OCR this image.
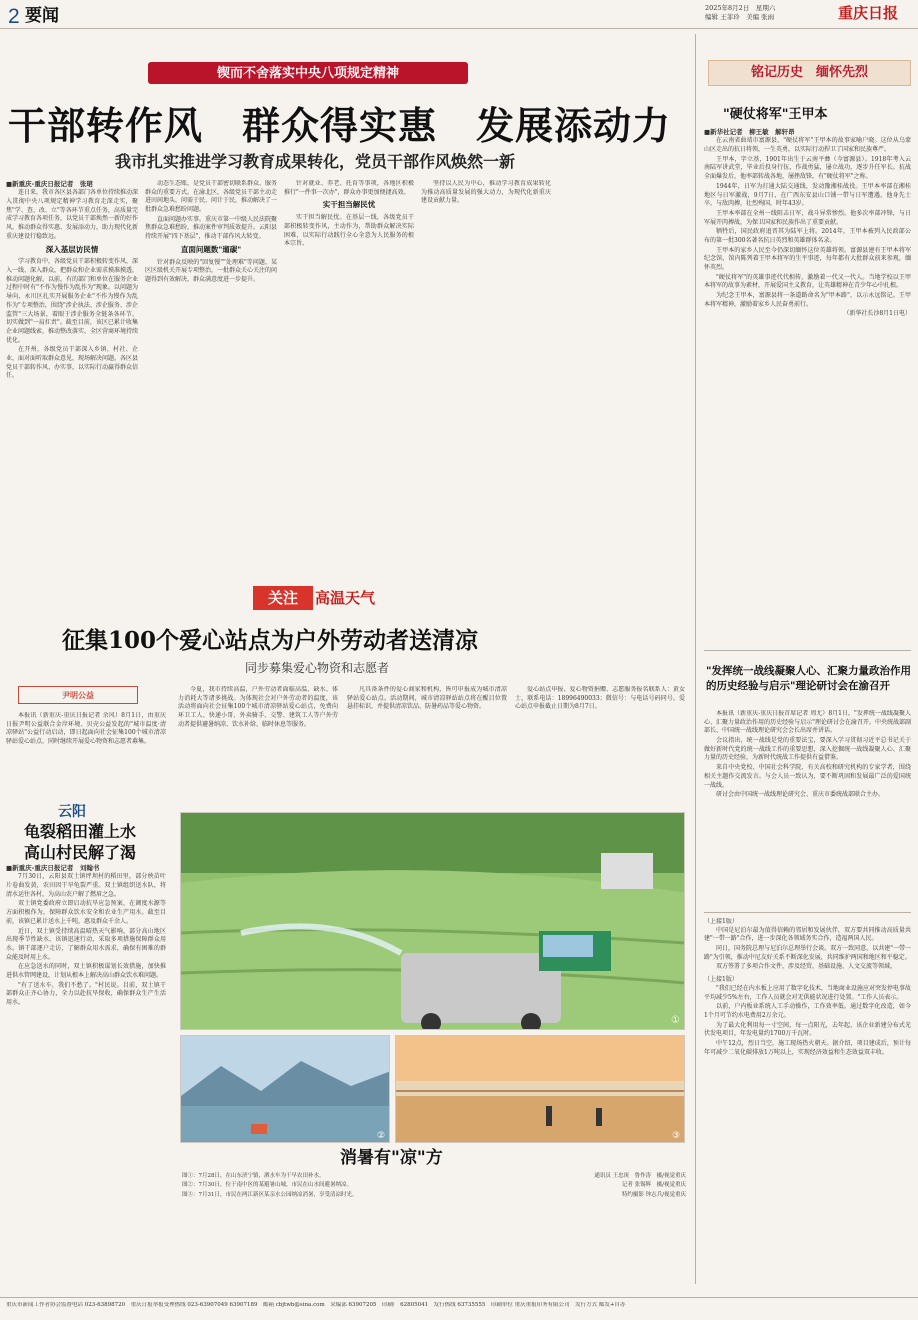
2 要闻	2025年8月2日　星期六
编辑 王菲玲　美编 张雨	重庆日报
锲而不舍落实中央八项规定精神
干部转作风　群众得实惠　发展添动力
我市扎实推进学习教育成果转化，党员干部作风焕然一新
■新重庆-重庆日报记者　张珺

连日来，我市各区县各部门各单位持续推动深入贯彻中央八项规定精神学习教育走深走实，聚焦"学、查、改、立"等各环节重点任务，高质量完成学习教育各项任务，以党员干部焕然一新的好作风，推动群众得实惠、发展添动力，助力现代化新重庆建设行稳致远。

深入基层访民情

学习教育中，各级党员干部积极转变作风，深入一线、深入群众，把群众和企业需求摸准摸透，推动问题化解。以前，有的部门和单位在服务企业过程中时有"不作为慢作为乱作为"现象。以问题为导向，永川区扎实开展服务企业"不作为慢作为乱作为"专项整治，围绕"涉企执法、涉企服务、涉企监管"三大场景，着眼于涉企服务全链条各环节，切实做到"一肩扛责"。截至目前，该区已累计收集企业问题线索，推动整改落实，全区营商环境持续优化。

在开州，各级党员干部深入乡镇、村社、企业，面对面听取群众意见，现场解决问题。各区县党员干部转作风、办实事，以实际行动赢得群众信任。

动态生态账，是党员干部密切联系群众、服务群众的重要方式。在渝北区，各级党员干部主动走进田间地头，问需于民、问计于民，推动解决了一批群众急难愁盼问题。

直面问题办实事。重庆市第一中级人民法院聚焦群众急难愁盼，推动案件审判质效提升。云阳县持续开展"四下基层"，推动干部作风大转变。

直面问题数"遛碳"

针对群众反映的"回复慢""处理难"等问题，某区区级机关开展专项整治，一批群众关心关注的问题得到有效解决，群众满意度进一步提升。

针对就业、养老、托育等事项，各地区积极推行"一件事一次办"，群众办事更加便捷高效。

实干担当解民忧

实干担当解民忧。在基层一线，各级党员干部积极转变作风，主动作为，帮助群众解决实际困难，以实际行动践行全心全意为人民服务的根本宗旨。

坚持以人民为中心，推动学习教育成果转化为推动高质量发展的强大动力，为现代化新重庆建设贡献力量。

关注	高温天气
征集100个爱心站点为户外劳动者送清凉
同步募集爱心物资和志愿者
尹明公益

本报讯（新重庆-重庆日报记者 余风）8月1日，由重庆日报尹明公益联合金岸环境、贝壳公益发起的"城市温度·清凉驿站"公益行动启动，即日起面向社会征集100个城市清凉驿站爱心站点，同时继续开展爱心物资和志愿者募集。

今夏，我市持续高温，户外劳动者面临高温、缺水、体力消耗大等诸多挑战。为体现社会对户外劳动者的温度，该活动将面向社会征集100个城市清凉驿站爱心站点，免费向环卫工人、快递小哥、外卖骑手、交警、建筑工人等户外劳动者提供避暑纳凉、饮水补给、临时休息等服务。

凡具备条件的爱心商家和机构，皆可申报成为城市清凉驿站爱心站点。活动期间，城市清凉驿站站点将在醒目位置悬挂标识，并提供清凉饮品、防暑药品等爱心物资。

爱心站点申报、爱心物资捐赠、志愿服务报名联系人：黄女士，联系电话：18996490033；微信号：与电话号码同号。爱心站点申报截止日期为8月7日。

云阳
龟裂稻田灌上水
高山村民解了渴
■新重庆-重庆日报记者　刘翰书

7月30日，云阳县双土镇坪坝村的稻田里，部分秧苗叶片卷曲发黄，农田因干旱龟裂严重。双土镇组织送水队，将清水运往各村，为高山农户解了燃眉之急。

双土镇党委政府立即启动抗旱应急预案，在调度水源等方面积极作为，保障群众饮水安全和农业生产用水。截至目前，该镇已累计送水上千吨，惠及群众千余人。

近日，双土镇受持续高温晴热天气影响，部分高山地区出现季节性缺水，该镇迅速行动，采取多项措施保障群众用水。镇干部逐户走访，了解群众用水需求，确保有困难的群众能及时用上水。

在应急送水的同时，双土镇积极谋划长效措施，加快推进供水管网建设，计划从根本上解决高山群众饮水难问题。

"有了送水车，我们不愁了。"村民说。目前，双土镇干部群众正齐心协力，全力以赴抗旱保收，确保群众生产生活用水。

①
②	③
消暑有"凉"方
图①：7月28日，在山东济宁镇，洒水车为干早农田补水。
图②：7月30日，位于南中区的某避暑山城，市民在山水间避暑纳凉。
图③：7月31日，市民在两江新区某亲水公园纳凉消暑，享受清凉时光。
通讯员 王忠庚　鲁作涛　摄/视觉重庆
记者 张锡辉　摄/视觉重庆
特约摄影 钟志兵/视觉重庆
铭记历史　缅怀先烈
"硬仗将军"王甲本
■新华社记者　柳王敏　解轩昂

在云南省曲靖市富源县，"硬仗将军"王甲本的故事家喻户晓。这位从乌蒙山区走出的抗日将领，一生英勇，以实际行动捍卫了国家和民族尊严。

王甲本，字立基，1901年出生于云南平彝（今富源县）。1918年考入云南陆军讲武堂，毕业后投身行伍，作战勇猛，屡立战功，逐步升任军长。抗战全面爆发后，他率部转战各地，屡挫敌锋，有"硬仗将军"之称。

1944年，日军为打通大陆交通线，发动豫湘桂战役。王甲本率部在湘桂地区与日军激战，9月7日，在广西东安县山口铺一带与日军遭遇，他身先士卒，与敌肉搏，壮烈殉国，时年43岁。

王甲本率部在全州一线阻击日军，战斗异常惨烈。他多次率部冲锋，与日军展开肉搏战，为保卫国家和民族作出了重要贡献。

牺牲后，国民政府追晋其为陆军上将。2014年，王甲本被列入民政部公布的第一批300名著名抗日英烈和英雄群体名录。

王甲本的家乡人民至今仍深切缅怀这位英雄将领。富源县建有王甲本将军纪念馆，馆内陈列着王甲本将军的生平事迹，每年都有大批群众前来参观，缅怀英烈。

"硬仗将军"的英雄事迹代代相传，激励着一代又一代人。当地学校以王甲本将军的故事为素材，开展爱国主义教育，让英雄精神在青少年心中扎根。

为纪念王甲本，富源县将一条道路命名为"甲本路"，以示永远铭记。王甲本将军精神，激励着家乡人民奋勇前行。

（新华社长沙8月1日电）
"发挥统一战线凝聚人心、汇聚力量政治作用的历史经验与启示"理论研讨会在渝召开

本报讯（新重庆-重庆日报首席记者 周尤）8月1日，"发挥统一战线凝聚人心、汇聚力量政治作用的历史经验与启示"理论研讨会在渝召开。中央统战部副部长、中国统一战线理论研究会会长出席并讲话。

会议指出，统一战线是党的重要法宝，要深入学习贯彻习近平总书记关于做好新时代党的统一战线工作的重要思想，深入挖掘统一战线凝聚人心、汇聚力量的历史经验，为新时代统战工作提供有益借鉴。

来自中央党校、中国社会科学院、有关高校和研究机构的专家学者，围绕相关主题作交流发言。与会人员一致认为，要不断巩固和发展最广泛的爱国统一战线。

研讨会由中国统一战线理论研究会、重庆市委统战部联合主办。

（上接1版）

中国是尼泊尔最为值得信赖的邻居和发展伙伴，双方要共同推动高质量共建"一带一路"合作，进一步深化各领域务实合作，造福两国人民。

同日，国务院总理与尼泊尔总理举行会谈。双方一致同意，以共建"一带一路"为引领，推动中尼友好关系不断深化发展，共同维护两国和地区和平稳定。

双方签署了多项合作文件，涉及经贸、基础设施、人文交流等领域。

（上接1版）

"我们已经在内水板上应用了数字化技术，当地商业设施应对突发停电事故平均减少5%左右，工作人员就会对无供能状况进行处置。"工作人员表示。

以前，户内板业系统人工手动操作，工作效率低。通过数字化改造，如今1个月可节约水电费用2万余元。

为了最大化利用每一寸空间，每一点阳光，去年起，该企业新建分布式光伏发电项目，年发电量约1700万千瓦时。

中午12点，烈日当空，施工现场热火朝天。据介绍，项目建成后，预计每年可减少二氧化碳排放1万吨以上，实现经济效益和生态效益双丰收。

重庆市新闻工作者协会监督电话 023-63898720　重庆日报举报受理热线 023-63907049 63907189　邮箱 cbjtwb@sina.com　采编部 63907205　印刷厂 62805041　发行热线 63735555　印刷单位 重庆重报印务有限公司　发行方式 邮发+自办
